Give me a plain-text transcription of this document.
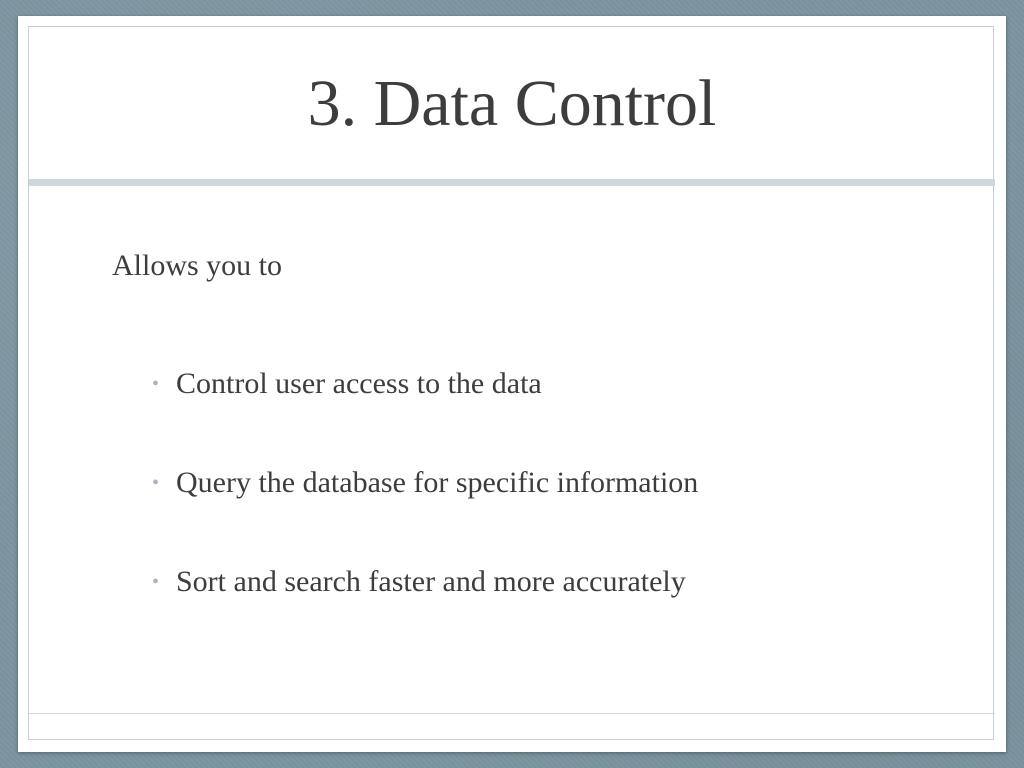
3. Data Control
Allows you to
• Control user access to the data
• Query the database for specific information
• Sort and search faster and more accurately
